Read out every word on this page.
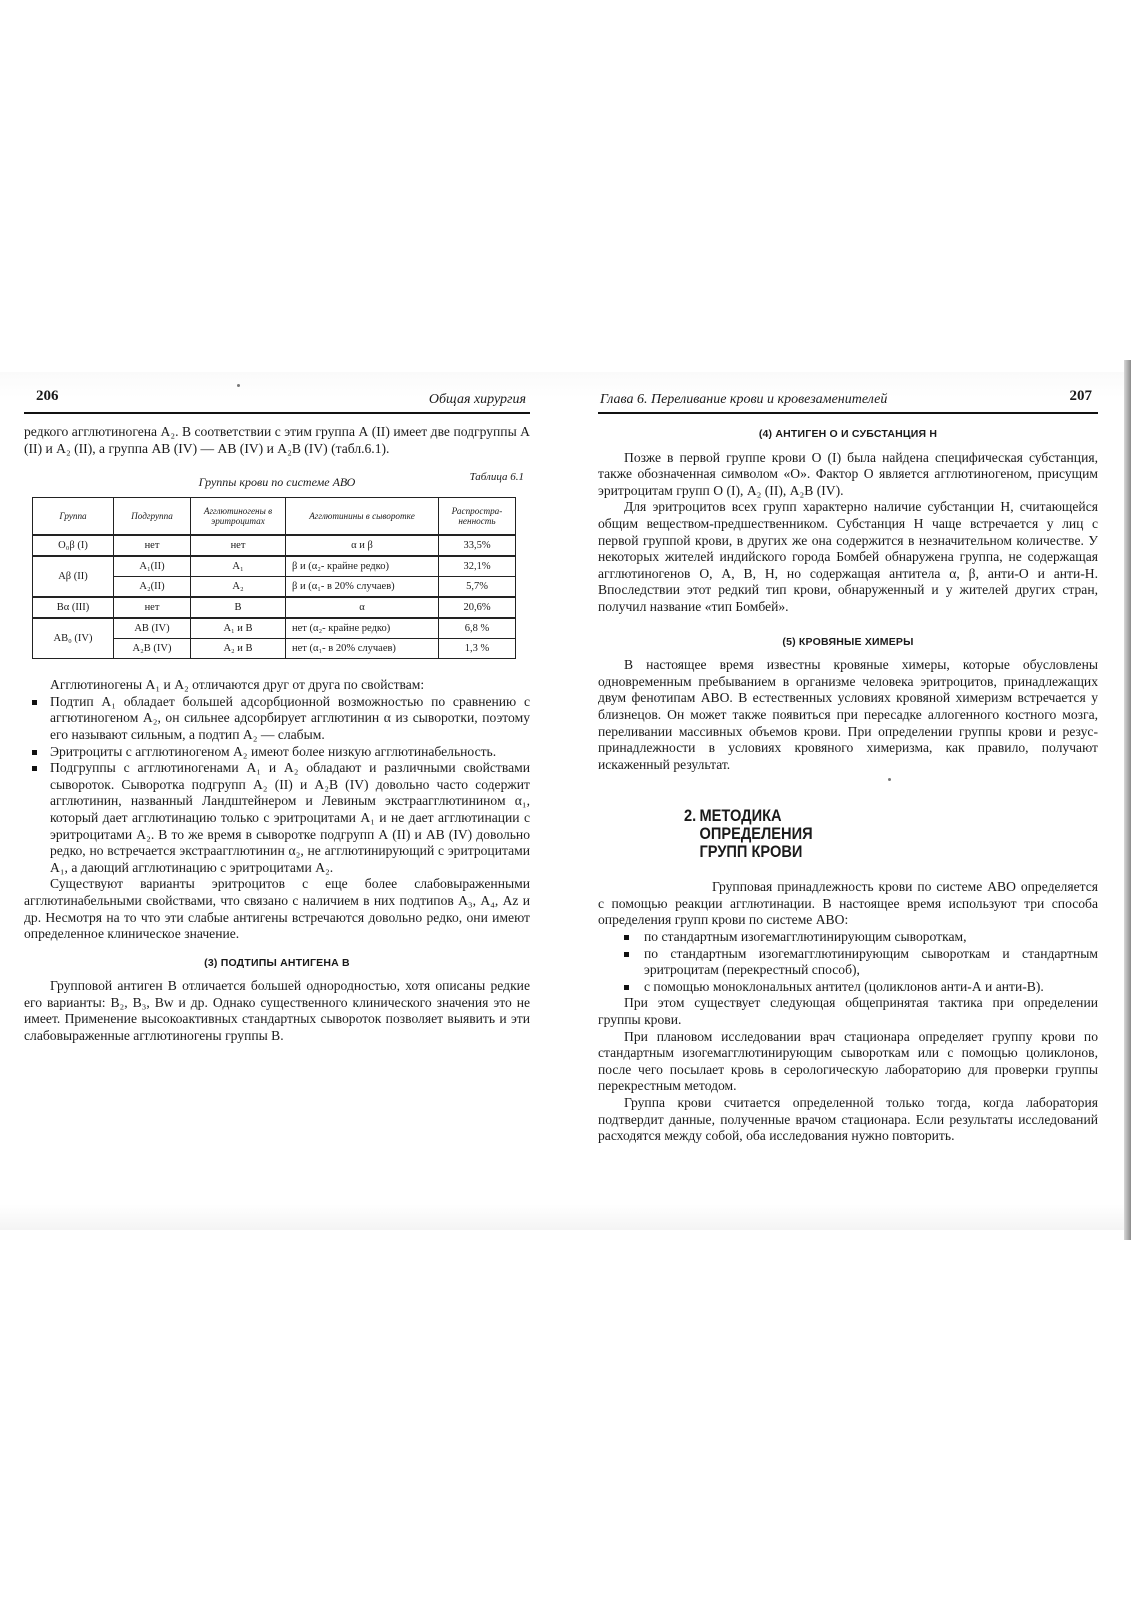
206	Общая хирургия

редкого агглютиногена А₂. В соответствии с этим группа А (II) имеет две подгруппы А (II) и А₂ (II), а группа АВ (IV) — АВ (IV) и А₂В (IV) (табл.6.1).

Таблица 6.1
Группы крови по системе АВО
Группа	Подгруппа	Агглютиногены в эритроцитах	Агглютинины в сыворотке	Распростра-ненность
О₀β (I)	нет	нет	α и β	33,5%
Аβ (II)	А₁(II)	А₁	β и (α₂- крайне редко)	32,1%
	А₂(II)	А₂	β и (α₁- в 20% случаев)	5,7%
Вα (III)	нет	В	α	20,6%
АВ₀ (IV)	АВ (IV)	А₁ и В	нет (α₂- крайне редко)	6,8 %
	А₂В (IV)	А₂ и В	нет (α₁- в 20% случаев)	1,3 %

Агглютиногены А₁ и А₂ отличаются друг от друга по свойствам:

Подтип А₁ обладает большей адсорбционной возможностью по сравнению с аггютиногеном А₂, он сильнее адсорбирует агглютинин α из сыворотки, поэтому его называют сильным, а подтип А₂ — слабым.
Эритроциты с агглютиногеном А₂ имеют более низкую агглютинабельность.
Подгруппы с агглютиногенами А₁ и А₂ обладают и различными свойствами сывороток. Сыворотка подгрупп А₂ (II) и А₂В (IV) довольно часто содержит агглютинин, названный Ландштейнером и Левиным экстраагглютинином α₁, который дает агглютинацию только с эритроцитами А₁ и не дает агглютинации с эритроцитами А₂. В то же время в сыворотке подгрупп А (II) и АВ (IV) довольно редко, но встречается экстраагглютинин α₂, не агглютинирующий с эритроцитами А₁, а дающий агглютинацию с эритроцитами А₂.

Существуют варианты эритроцитов с еще более слабовыраженными агглютинабельными свойствами, что связано с наличием в них подтипов А₃, А₄, Аz и др. Несмотря на то что эти слабые антигены встречаются довольно редко, они имеют определенное клиническое значение.

(3) ПОДТИПЫ АНТИГЕНА В

Групповой антиген В отличается большей однородностью, хотя описаны редкие его варианты: В₂, В₃, Вw и др. Однако существенного клинического значения это не имеет. Применение высокоактивных стандартных сывороток позволяет выявить и эти слабовыраженные агглютиногены группы В.

Глава 6. Переливание крови и кровезаменителей	207
(4) АНТИГЕН О И СУБСТАНЦИЯ Н

Позже в первой группе крови О (I) была найдена специфическая субстанция, также обозначенная символом «О». Фактор О является агглютиногеном, присущим эритроцитам групп О (I), А₂ (II), А₂В (IV).

Для эритроцитов всех групп характерно наличие субстанции Н, считающейся общим веществом-предшественником. Субстанция Н чаще встречается у лиц с первой группой крови, в других же она содержится в незначительном количестве. У некоторых жителей индийского города Бомбей обнаружена группа, не содержащая агглютиногенов О, А, В, Н, но содержащая антитела α, β, анти-О и анти-Н. Впоследствии этот редкий тип крови, обнаруженный и у жителей других стран, получил название «тип Бомбей».

(5) КРОВЯНЫЕ ХИМЕРЫ

В настоящее время известны кровяные химеры, которые обусловлены одновременным пребыванием в организме человека эритроцитов, принадлежащих двум фенотипам АВО. В естественных условиях кровяной химеризм встречается у близнецов. Он может также появиться при пересадке аллогенного костного мозга, переливании массивных объемов крови. При определении группы крови и резус-принадлежности в условиях кровяного химеризма, как правило, получают искаженный результат.

2. МЕТОДИКА
ОПРЕДЕЛЕНИЯ
ГРУПП КРОВИ

Групповая принадлежность крови по системе АВО определяется с помощью реакции агглютинации. В настоящее время используют три способа определения групп крови по системе АВО:

по стандартным изогемагглютинирующим сывороткам,
по стандартным изогемагглютинирующим сывороткам и стандартным эритроцитам (перекрестный способ),
с помощью моноклональных антител (цоликлонов анти-А и анти-В).

При этом существует следующая общепринятая тактика при определении группы крови.

При плановом исследовании врач стационара определяет группу крови по стандартным изогемагглютинирующим сывороткам или с помощью цоликлонов, после чего посылает кровь в серологическую лабораторию для проверки группы перекрестным методом.

Группа крови считается определенной только тогда, когда лаборатория подтвердит данные, полученные врачом стационара. Если результаты исследований расходятся между собой, оба исследования нужно повторить.
